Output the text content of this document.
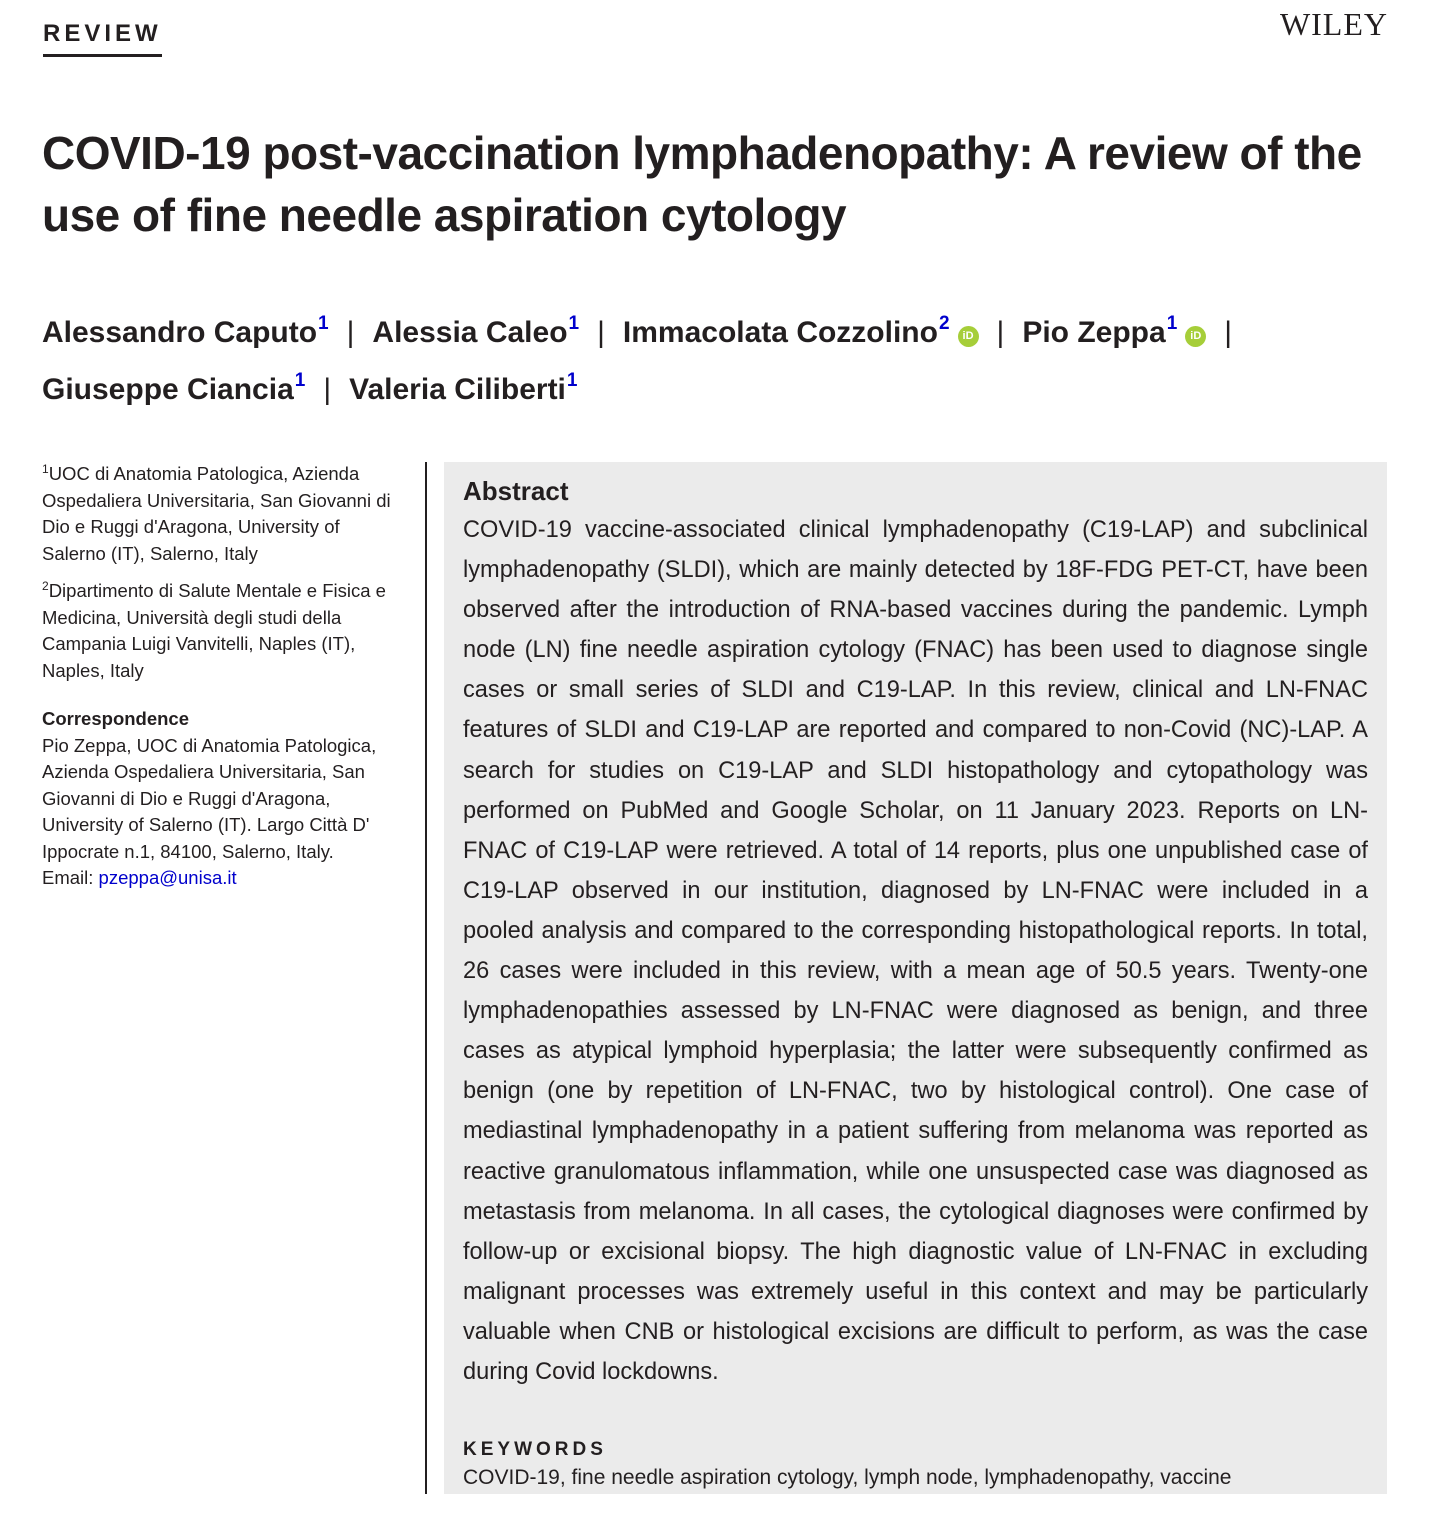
REVIEW	WILEY
COVID-19 post-vaccination lymphadenopathy: A review of the use of fine needle aspiration cytology
Alessandro Caputo$^1$ | Alessia Caleo$^1$ | Immacolata Cozzolino$^2$iD | Pio Zeppa$^1$iD |
Giuseppe Ciancia$^1$ | Valeria Ciliberti$^1$

$^1$UOC di Anatomia Patologica, Azienda Ospedaliera Universitaria, San Giovanni di Dio e Ruggi d'Aragona, University of Salerno (IT), Salerno, Italy

$^2$Dipartimento di Salute Mentale e Fisica e Medicina, Università degli studi della Campania Luigi Vanvitelli, Naples (IT), Naples, Italy

Correspondence
Pio Zeppa, UOC di Anatomia Patologica, Azienda Ospedaliera Universitaria, San Giovanni di Dio e Ruggi d'Aragona, University of Salerno (IT). Largo Città D' Ippocrate n.1, 84100, Salerno, Italy.
Email: pzeppa@unisa.it
Abstract

COVID-19 vaccine-associated clinical lymphadenopathy (C19-LAP) and subclinical lymphadenopathy (SLDI), which are mainly detected by 18F-FDG PET-CT, have been observed after the introduction of RNA-based vaccines during the pandemic. Lymph node (LN) fine needle aspiration cytology (FNAC) has been used to diagnose single cases or small series of SLDI and C19-LAP. In this review, clinical and LN-FNAC features of SLDI and C19-LAP are reported and compared to non-Covid (NC)-LAP. A search for studies on C19-LAP and SLDI histopathology and cytopathology was performed on PubMed and Google Scholar, on 11 January 2023. Reports on LN-FNAC of C19-LAP were retrieved. A total of 14 reports, plus one unpublished case of C19-LAP observed in our institution, diagnosed by LN-FNAC were included in a pooled analysis and compared to the corresponding histopathological reports. In total, 26 cases were included in this review, with a mean age of 50.5 years. Twenty-one lymphadenopathies assessed by LN-FNAC were diagnosed as benign, and three cases as atypical lymphoid hyperplasia; the latter were subsequently confirmed as benign (one by repetition of LN-FNAC, two by histological control). One case of mediastinal lymphadenopathy in a patient suffering from melanoma was reported as reactive granulomatous inflammation, while one unsuspected case was diagnosed as metastasis from melanoma. In all cases, the cytological diagnoses were confirmed by follow-up or excisional biopsy. The high diagnostic value of LN-FNAC in excluding malignant processes was extremely useful in this context and may be particularly valuable when CNB or histological excisions are difficult to perform, as was the case during Covid lockdowns.

KEYWORDS
COVID-19, fine needle aspiration cytology, lymph node, lymphadenopathy, vaccine
